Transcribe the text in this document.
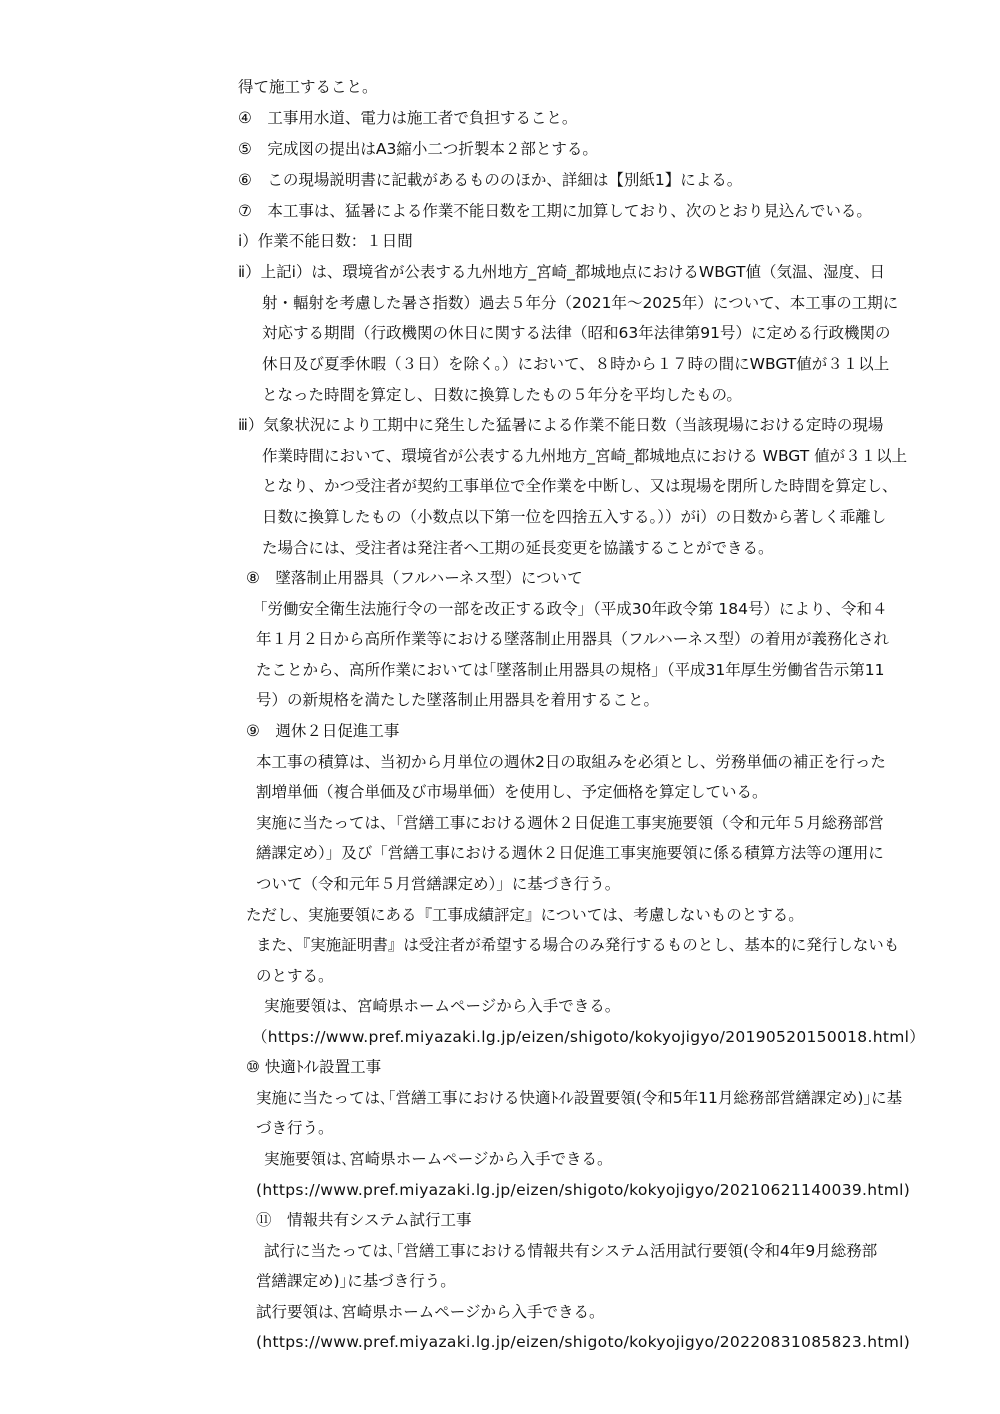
得て施工すること。

④　工事用水道、電力は施工者で負担すること。

⑤　完成図の提出はA3縮小二つ折製本２部とする。

⑥　この現場説明書に記載があるもののほか、詳細は【別紙1】による。

⑦　本工事は、猛暑による作業不能日数を工期に加算しており、次のとおり見込んでいる。

ⅰ）作業不能日数：１日間

ⅱ）上記ⅰ）は、環境省が公表する九州地方_宮崎_都城地点におけるWBGT値（気温、湿度、日

射・輻射を考慮した暑さ指数）過去５年分（2021年～2025年）について、本工事の工期に

対応する期間（行政機関の休日に関する法律（昭和63年法律第91号）に定める行政機関の

休日及び夏季休暇（３日）を除く。）において、８時から１７時の間にWBGT値が３１以上

となった時間を算定し、日数に換算したもの５年分を平均したもの。

ⅲ）気象状況により工期中に発生した猛暑による作業不能日数（当該現場における定時の現場

作業時間において、環境省が公表する九州地方_宮崎_都城地点における WBGT 値が３１以上

となり、かつ受注者が契約工事単位で全作業を中断し、又は現場を閉所した時間を算定し、

日数に換算したもの（小数点以下第一位を四捨五入する。））がⅰ）の日数から著しく乖離し

た場合には、受注者は発注者へ工期の延長変更を協議することができる。

⑧　墜落制止用器具（フルハーネス型）について

「労働安全衛生法施行令の一部を改正する政令」（平成30年政令第 184号）により、令和４

年１月２日から高所作業等における墜落制止用器具（フルハーネス型）の着用が義務化され

たことから、高所作業においては｢墜落制止用器具の規格」（平成31年厚生労働省告示第11

号）の新規格を満たした墜落制止用器具を着用すること。

⑨　週休２日促進工事

本工事の積算は、当初から月単位の週休2日の取組みを必須とし、労務単価の補正を行った

割増単価（複合単価及び市場単価）を使用し、予定価格を算定している。

実施に当たっては、「営繕工事における週休２日促進工事実施要領（令和元年５月総務部営

繕課定め）」及び「営繕工事における週休２日促進工事実施要領に係る積算方法等の運用に

ついて（令和元年５月営繕課定め）」に基づき行う。

ただし、実施要領にある『工事成績評定』については、考慮しないものとする。

また、『実施証明書』は受注者が希望する場合のみ発行するものとし、基本的に発行しないも

のとする。

実施要領は、宮崎県ホームページから入手できる。

（https://www.pref.miyazaki.lg.jp/eizen/shigoto/kokyojigyo/20190520150018.html）

⑩ 快適ﾄｲﾚ設置工事

実施に当たっては､｢営繕工事における快適ﾄｲﾚ設置要領(令和5年11月総務部営繕課定め)｣に基

づき行う｡

実施要領は､宮崎県ホームページから入手できる｡

(https://www.pref.miyazaki.lg.jp/eizen/shigoto/kokyojigyo/20210621140039.html)

⑪　情報共有システム試行工事

試行に当たっては､｢営繕工事における情報共有システム活用試行要領(令和4年9月総務部

営繕課定め)｣に基づき行う｡

試行要領は､宮崎県ホームページから入手できる｡

(https://www.pref.miyazaki.lg.jp/eizen/shigoto/kokyojigyo/20220831085823.html)
